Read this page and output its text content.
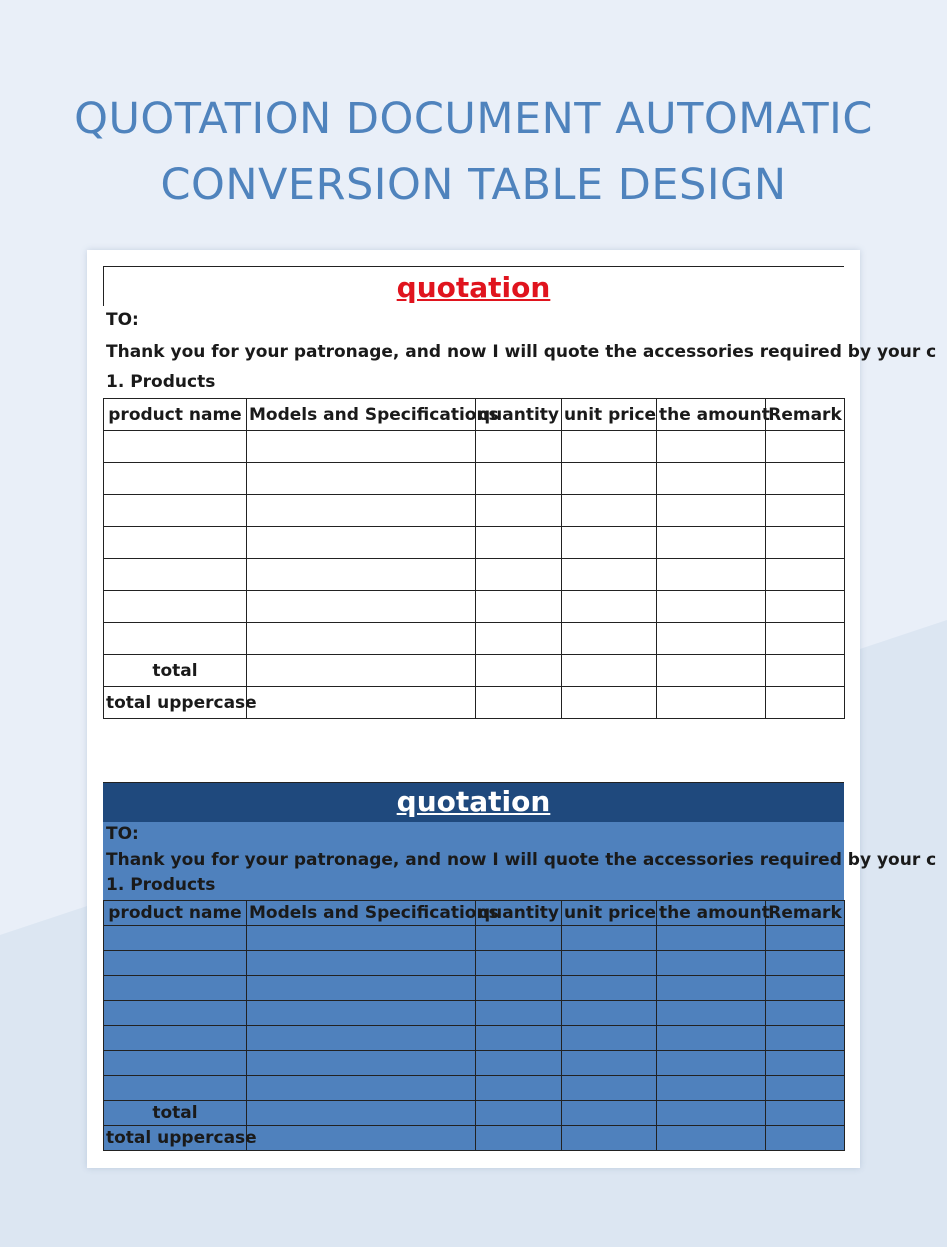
QUOTATION DOCUMENT AUTOMATIC
CONVERSION TABLE DESIGN
quotation
TO:
Thank you for your patronage, and now I will quote the accessories required by your c
1. Products
product name	Models and Specifications	quantity	unit price	the amount	Remark

total					
total uppercase					
quotation
TO:
Thank you for your patronage, and now I will quote the accessories required by your c
1. Products
product name	Models and Specifications	quantity	unit price	the amount	Remark

total					
total uppercase					
